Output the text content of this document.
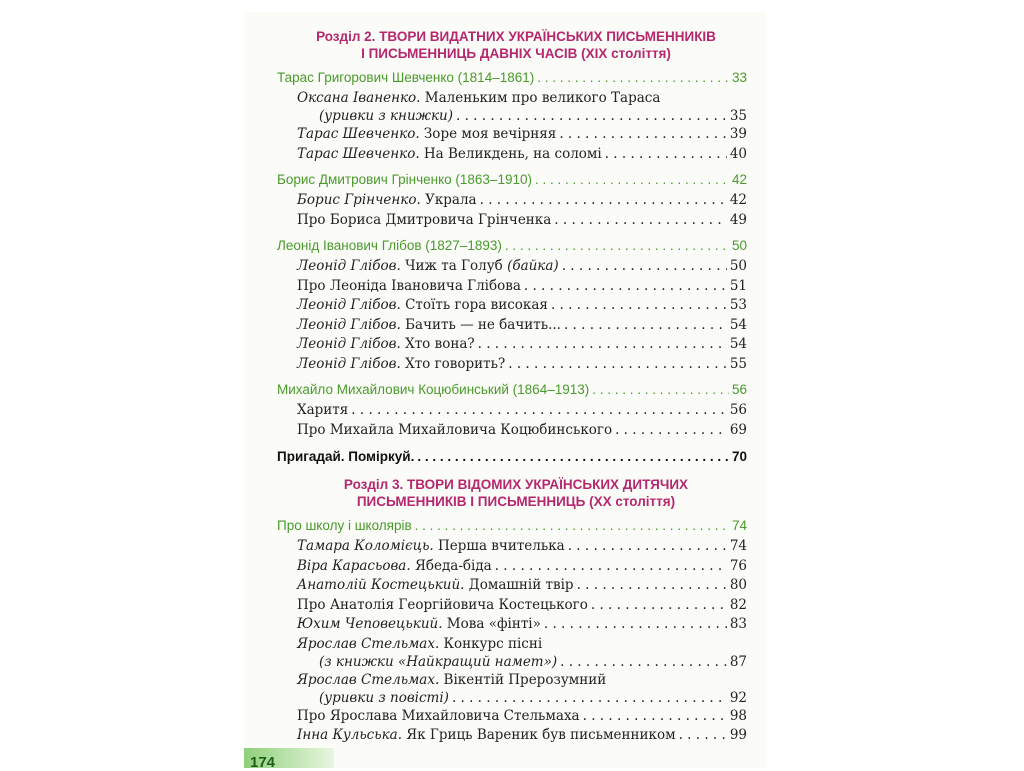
Розділ 2. ТВОРИ ВИДАТНИХ УКРАЇНСЬКИХ ПИСЬМЕННИКІВ
І ПИСЬМЕННИЦЬ ДАВНІХ ЧАСІВ (ХІХ століття)
Тарас Григорович Шевченко (1814–1861) . . .	33
Оксана Іваненко. Маленьким про великого Тараса
(уривки з книжки) . . .	35
Тарас Шевченко. Зоре моя вечірняя . . .	39
Тарас Шевченко. На Великдень, на соломі . . .	40
Борис Дмитрович Грінченко (1863–1910) . . .	42
Борис Грінченко. Украла . . .	42
Про Бориса Дмитровича Грінченка . . .	49
Леонід Іванович Глібов (1827–1893) . . .	50
Леонід Глібов. Чиж та Голуб (байка) . . .	50
Про Леоніда Івановича Глібова . . .	51
Леонід Глібов. Стоїть гора високая . . .	53
Леонід Глібов. Бачить — не бачить... . . .	54
Леонід Глібов. Хто вона? . . .	54
Леонід Глібов. Хто говорить? . . .	55
Михайло Михайлович Коцюбинський (1864–1913) . . .	56
Харитя . . .	56
Про Михайла Михайловича Коцюбинського . . .	69
Пригадай. Поміркуй. . . .	70
Розділ 3. ТВОРИ ВІДОМИХ УКРАЇНСЬКИХ ДИТЯЧИХ
ПИСЬМЕННИКІВ І ПИСЬМЕННИЦЬ (ХХ століття)
Про школу і школярів . . .	74
Тамара Коломієць. Перша вчителька . . .	74
Віра Карасьова. Ябеда-біда . . .	76
Анатолій Костецький. Домашній твір . . .	80
Про Анатолія Георгійовича Костецького . . .	82
Юхим Чеповецький. Мова «фінті» . . .	83
Ярослав Стельмах. Конкурс пісні
(з книжки «Найкращий намет») . . .	87
Ярослав Стельмах. Вікентій Прерозумний
(уривки з повісті) . . .	92
Про Ярослава Михайловича Стельмаха . . .	98
Інна Кульська. Як Гриць Вареник був письменником . . .	99
174
